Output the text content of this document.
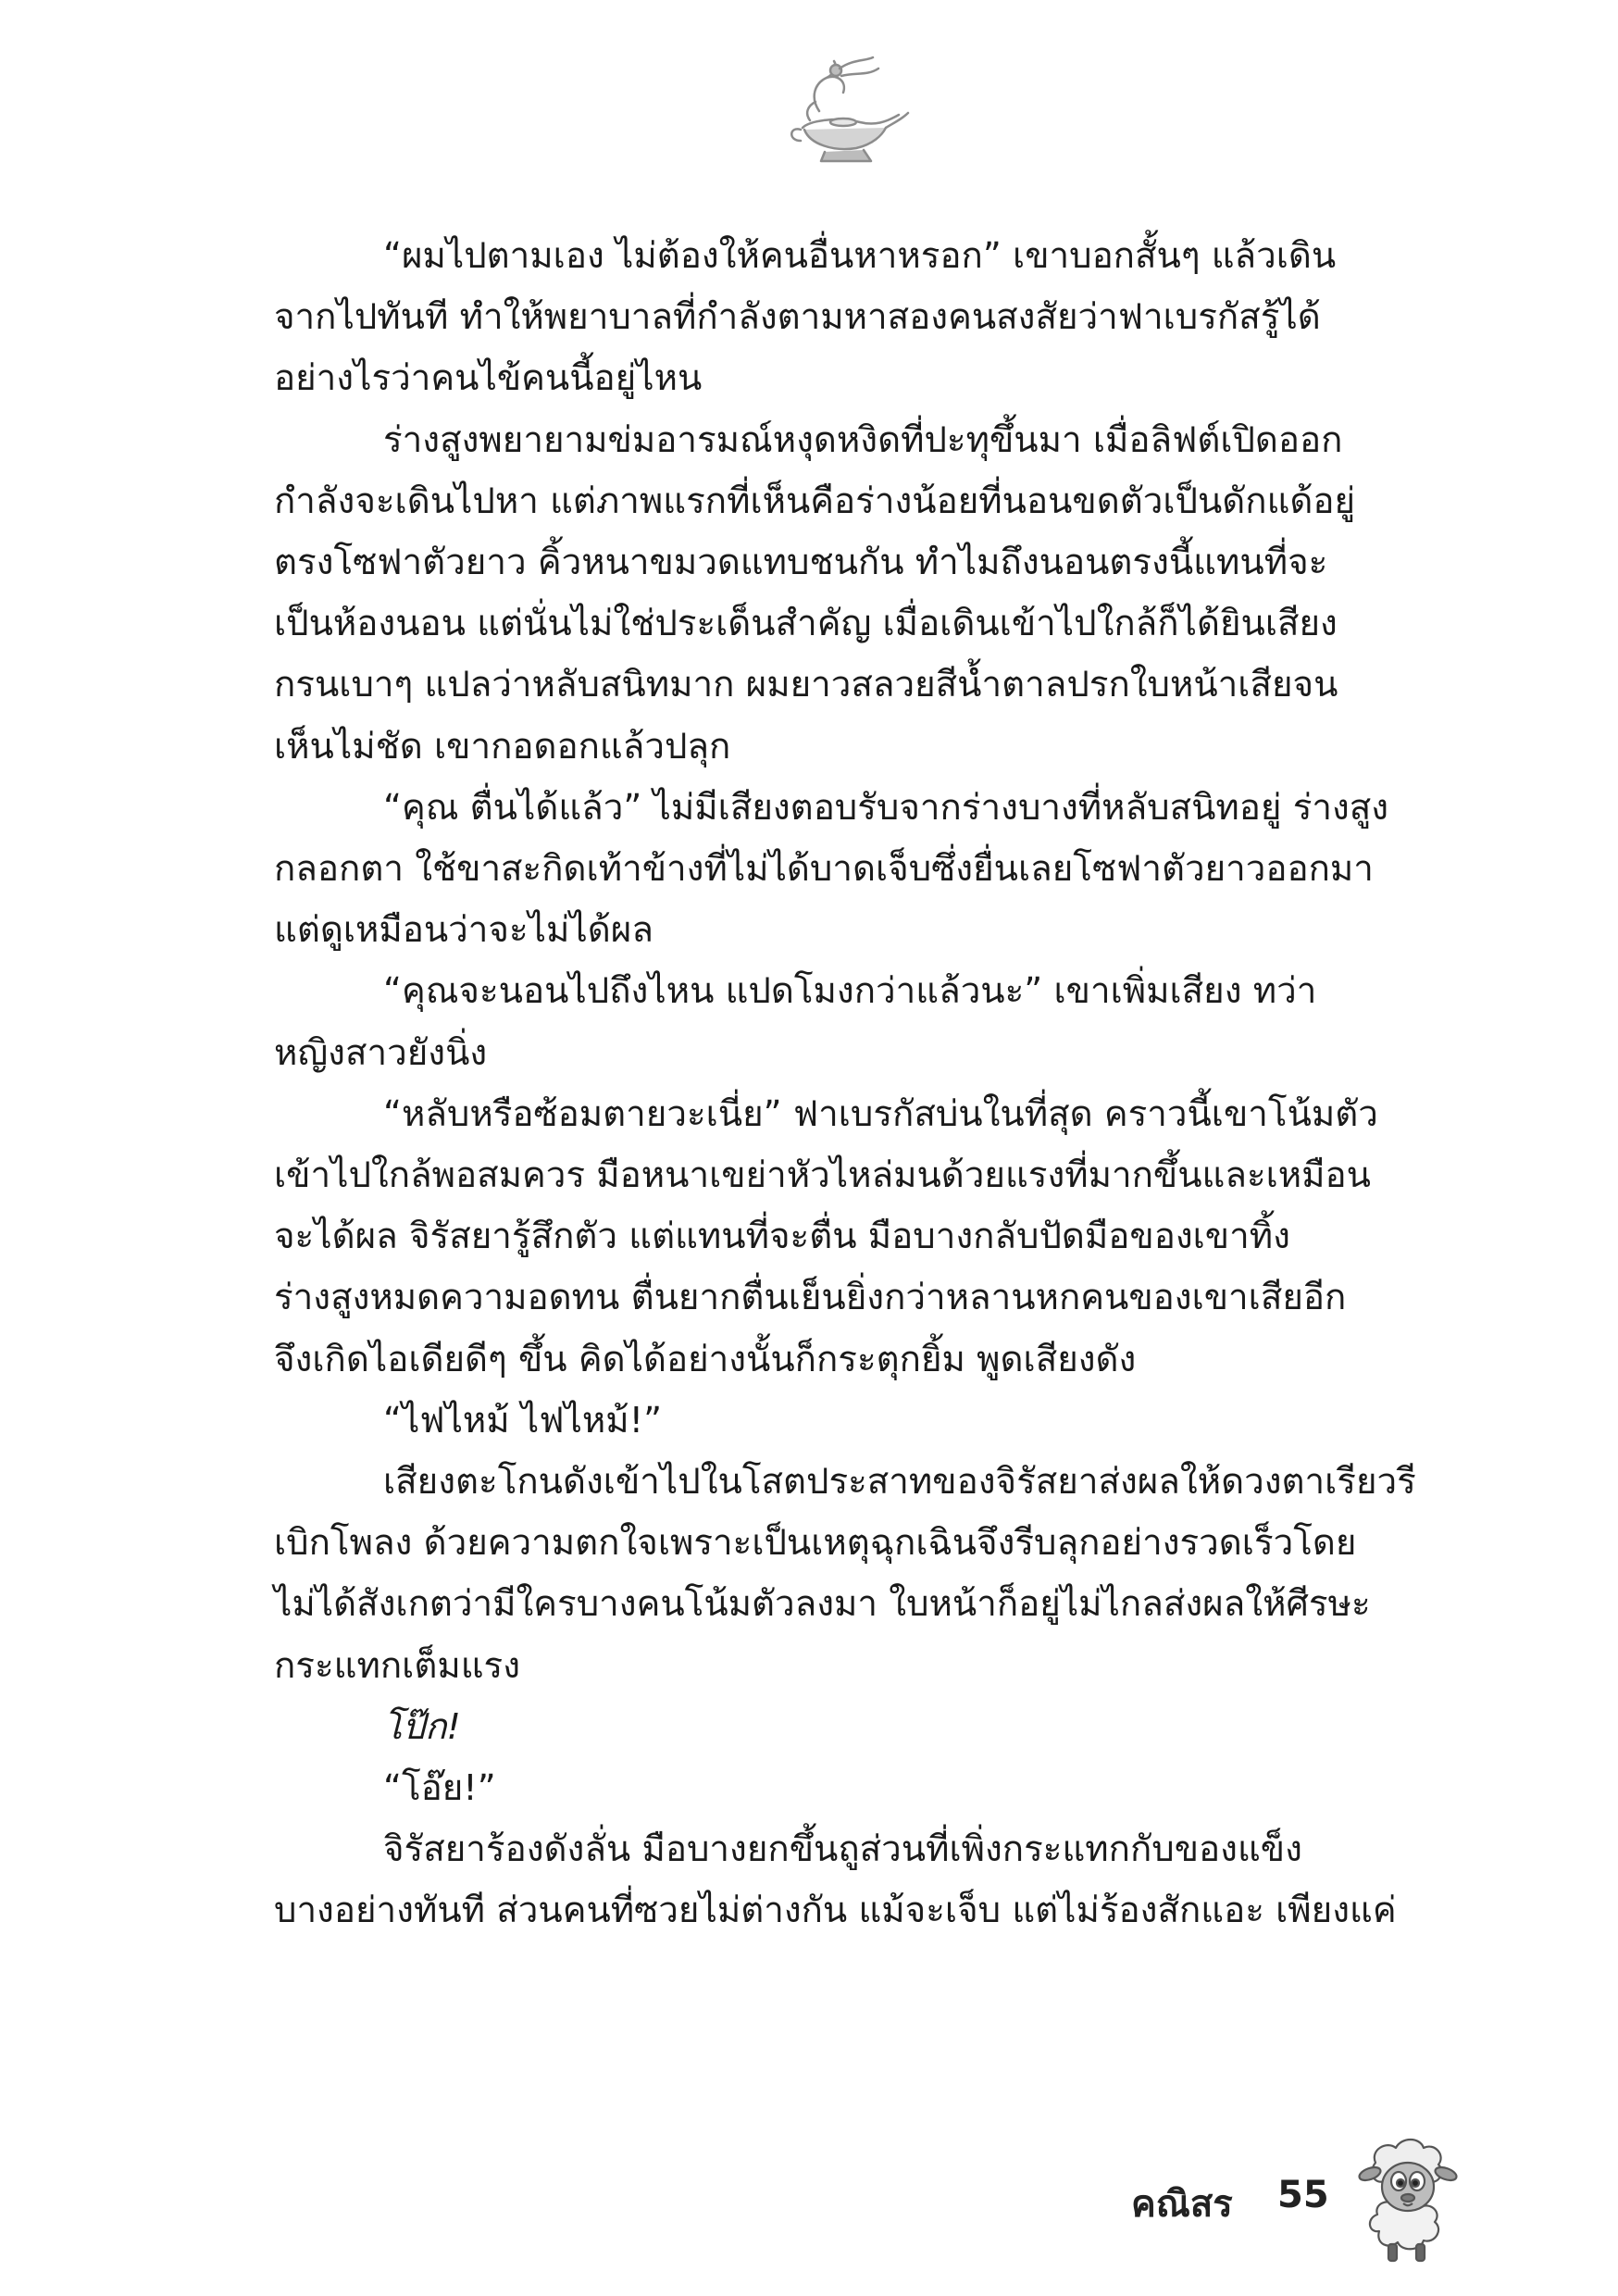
“ผมไปตามเอง ไม่ต้องให้คนอื่นหาหรอก” เขาบอกสั้นๆ แล้วเดิน
จากไปทันที ทำให้พยาบาลที่กำลังตามหาสองคนสงสัยว่าฟาเบรกัสรู้ได้
อย่างไรว่าคนไข้คนนี้อยู่ไหน
ร่างสูงพยายามข่มอารมณ์หงุดหงิดที่ปะทุขึ้นมา เมื่อลิฟต์เปิดออก
กำลังจะเดินไปหา แต่ภาพแรกที่เห็นคือร่างน้อยที่นอนขดตัวเป็นดักแด้อยู่
ตรงโซฟาตัวยาว คิ้วหนาขมวดแทบชนกัน ทำไมถึงนอนตรงนี้แทนที่จะ
เป็นห้องนอน แต่นั่นไม่ใช่ประเด็นสำคัญ เมื่อเดินเข้าไปใกล้ก็ได้ยินเสียง
กรนเบาๆ แปลว่าหลับสนิทมาก ผมยาวสลวยสีน้ำตาลปรกใบหน้าเสียจน
เห็นไม่ชัด เขากอดอกแล้วปลุก
“คุณ ตื่นได้แล้ว” ไม่มีเสียงตอบรับจากร่างบางที่หลับสนิทอยู่ ร่างสูง
กลอกตา ใช้ขาสะกิดเท้าข้างที่ไม่ได้บาดเจ็บซึ่งยื่นเลยโซฟาตัวยาวออกมา
แต่ดูเหมือนว่าจะไม่ได้ผล
“คุณจะนอนไปถึงไหน แปดโมงกว่าแล้วนะ” เขาเพิ่มเสียง ทว่า
หญิงสาวยังนิ่ง
“หลับหรือซ้อมตายวะเนี่ย” ฟาเบรกัสบ่นในที่สุด คราวนี้เขาโน้มตัว
เข้าไปใกล้พอสมควร มือหนาเขย่าหัวไหล่มนด้วยแรงที่มากขึ้นและเหมือน
จะได้ผล จิรัสยารู้สึกตัว แต่แทนที่จะตื่น มือบางกลับปัดมือของเขาทิ้ง
ร่างสูงหมดความอดทน ตื่นยากตื่นเย็นยิ่งกว่าหลานหกคนของเขาเสียอีก
จึงเกิดไอเดียดีๆ ขึ้น คิดได้อย่างนั้นก็กระตุกยิ้ม พูดเสียงดัง
“ไฟไหม้ ไฟไหม้!”
เสียงตะโกนดังเข้าไปในโสตประสาทของจิรัสยาส่งผลให้ดวงตาเรียวรี
เบิกโพลง ด้วยความตกใจเพราะเป็นเหตุฉุกเฉินจึงรีบลุกอย่างรวดเร็วโดย
ไม่ได้สังเกตว่ามีใครบางคนโน้มตัวลงมา ใบหน้าก็อยู่ไม่ไกลส่งผลให้ศีรษะ
กระแทกเต็มแรง
โป๊ก!
“โอ๊ย!”
จิรัสยาร้องดังลั่น มือบางยกขึ้นถูส่วนที่เพิ่งกระแทกกับของแข็ง
บางอย่างทันที ส่วนคนที่ซวยไม่ต่างกัน แม้จะเจ็บ แต่ไม่ร้องสักแอะ เพียงแค่
คณิสร 55
